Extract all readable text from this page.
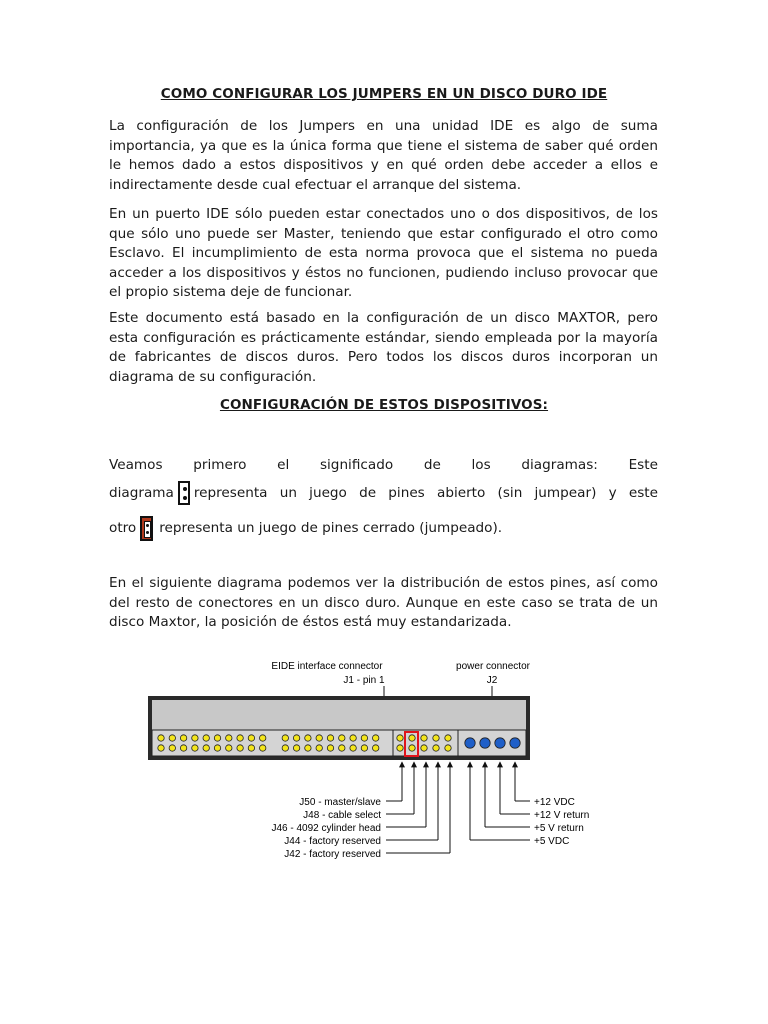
COMO CONFIGURAR LOS JUMPERS EN UN DISCO DURO IDE

La configuración de los Jumpers en una unidad IDE es algo de suma importancia, ya que es la única forma que tiene el sistema de saber qué orden le hemos dado a estos dispositivos y en qué orden debe acceder a ellos e indirectamente desde cual efectuar el arranque del sistema.

En un puerto IDE sólo pueden estar conectados uno o dos dispositivos, de los que sólo uno puede ser Master, teniendo que estar configurado el otro como Esclavo. El incumplimiento de esta norma provoca que el sistema no pueda acceder a los dispositivos y éstos no funcionen, pudiendo incluso provocar que el propio sistema deje de funcionar.

Este documento está basado en la configuración de un disco MAXTOR, pero esta configuración es prácticamente estándar, siendo empleada por la mayoría de fabricantes de discos duros. Pero todos los discos duros incorporan un diagrama de su configuración.

CONFIGURACIÓN DE ESTOS DISPOSITIVOS:
Veamos primero el significado de los diagramas: Este
diagrama representa un juego de pines abierto (sin jumpear) y este
otro representa un juego de pines cerrado (jumpeado).

En el siguiente diagrama podemos ver la distribución de estos pines, así como del resto de conectores en un disco duro. Aunque en este caso se trata de un disco Maxtor, la posición de éstos está muy estandarizada.

EIDE interface connector
J1 - pin 1
power connector
J2
J50 - master/slave
J48 - cable select
J46 - 4092 cylinder head
J44 - factory reserved
J42 - factory reserved
+12 VDC
+12 V return
+5 V return
+5 VDC
